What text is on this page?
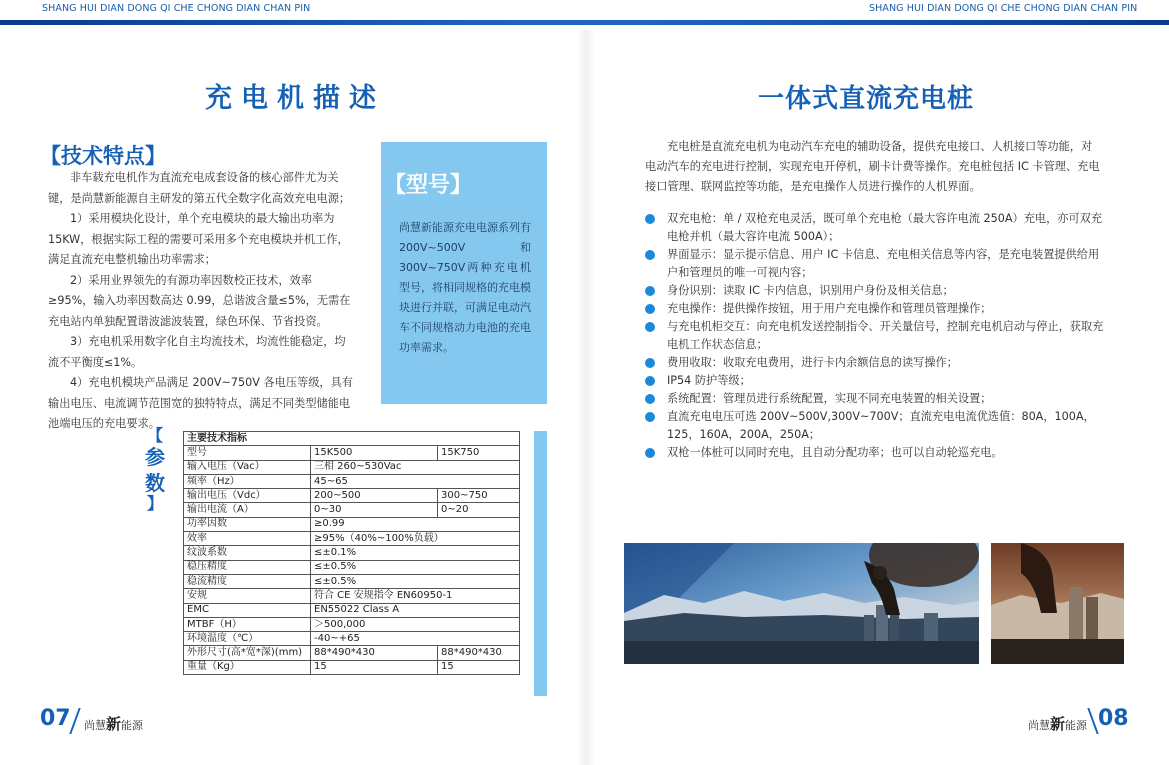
SHANG HUI DIAN DONG QI CHE CHONG DIAN CHAN PIN	SHANG HUI DIAN DONG QI CHE CHONG DIAN CHAN PIN
充电机描述
【技术特点】

非车载充电机作为直流充电成套设备的核心部件尤为关键，是尚慧新能源自主研发的第五代全数字化高效充电电源；

1）采用模块化设计，单个充电模块的最大输出功率为15KW，根据实际工程的需要可采用多个充电模块并机工作，满足直流充电整机输出功率需求；

2）采用业界领先的有源功率因数校正技术，效率≥95%，输入功率因数高达 0.99，总谐波含量≤5%，无需在充电站内单独配置谐波滤波装置，绿色环保、节省投资。

3）充电机采用数字化自主均流技术，均流性能稳定，均流不平衡度≤1%。

4）充电机模块产品满足 200V~750V 各电压等级，具有输出电压、电流调节范围宽的独特特点，满足不同类型储能电池端电压的充电要求。

【型号】
尚慧新能源充电电源系列有200V~500V和300V~750V两种充电机型号，将相同规格的充电模块进行并联，可满足电动汽车不同规格动力电池的充电功率需求。
【
参
数
】
主要技术指标		
型号	15K500	15K750
输入电压（Vac）	三相 260~530Vac	
频率（Hz）	45~65	
输出电压（Vdc）	200~500	300~750
输出电流（A）	0~30	0~20
功率因数	≥0.99	
效率	≥95%（40%~100%负载）	
纹波系数	≤±0.1%	
稳压精度	≤±0.5%	
稳流精度	≤±0.5%	
安规	符合 CE 安规指令 EN60950-1	
EMC	EN55022 Class A	
MTBF（H）	＞500,000	
环境温度（℃）	-40~+65	
外形尺寸(高*宽*深)(mm)	88*490*430	88*490*430
重量（Kg）	15	15
07 尚慧新能源
一体式直流充电桩
充电桩是直流充电机为电动汽车充电的辅助设备，提供充电接口、人机接口等功能，对电动汽车的充电进行控制，实现充电开停机，刷卡计费等操作。充电桩包括 IC 卡管理、充电接口管理、联网监控等功能，是充电操作人员进行操作的人机界面。
双充电枪：单 / 双枪充电灵活，既可单个充电枪（最大容许电流 250A）充电，亦可双充电枪并机（最大容许电流 500A）；
界面显示：显示提示信息、用户 IC 卡信息、充电相关信息等内容，是充电装置提供给用户和管理员的唯一可视内容；
身份识别：读取 IC 卡内信息，识别用户身份及相关信息；
充电操作：提供操作按钮，用于用户充电操作和管理员管理操作；
与充电机柜交互：向充电机发送控制指令、开关量信号，控制充电机启动与停止，获取充电机工作状态信息；
费用收取：收取充电费用，进行卡内余额信息的读写操作；
IP54 防护等级；
系统配置：管理员进行系统配置，实现不同充电装置的相关设置；
直流充电电压可选 200V~500V,300V~700V；直流充电电流优选值：80A，100A，125，160A，200A，250A；
双枪一体桩可以同时充电，且自动分配功率；也可以自动轮巡充电。
尚慧新能源 08
